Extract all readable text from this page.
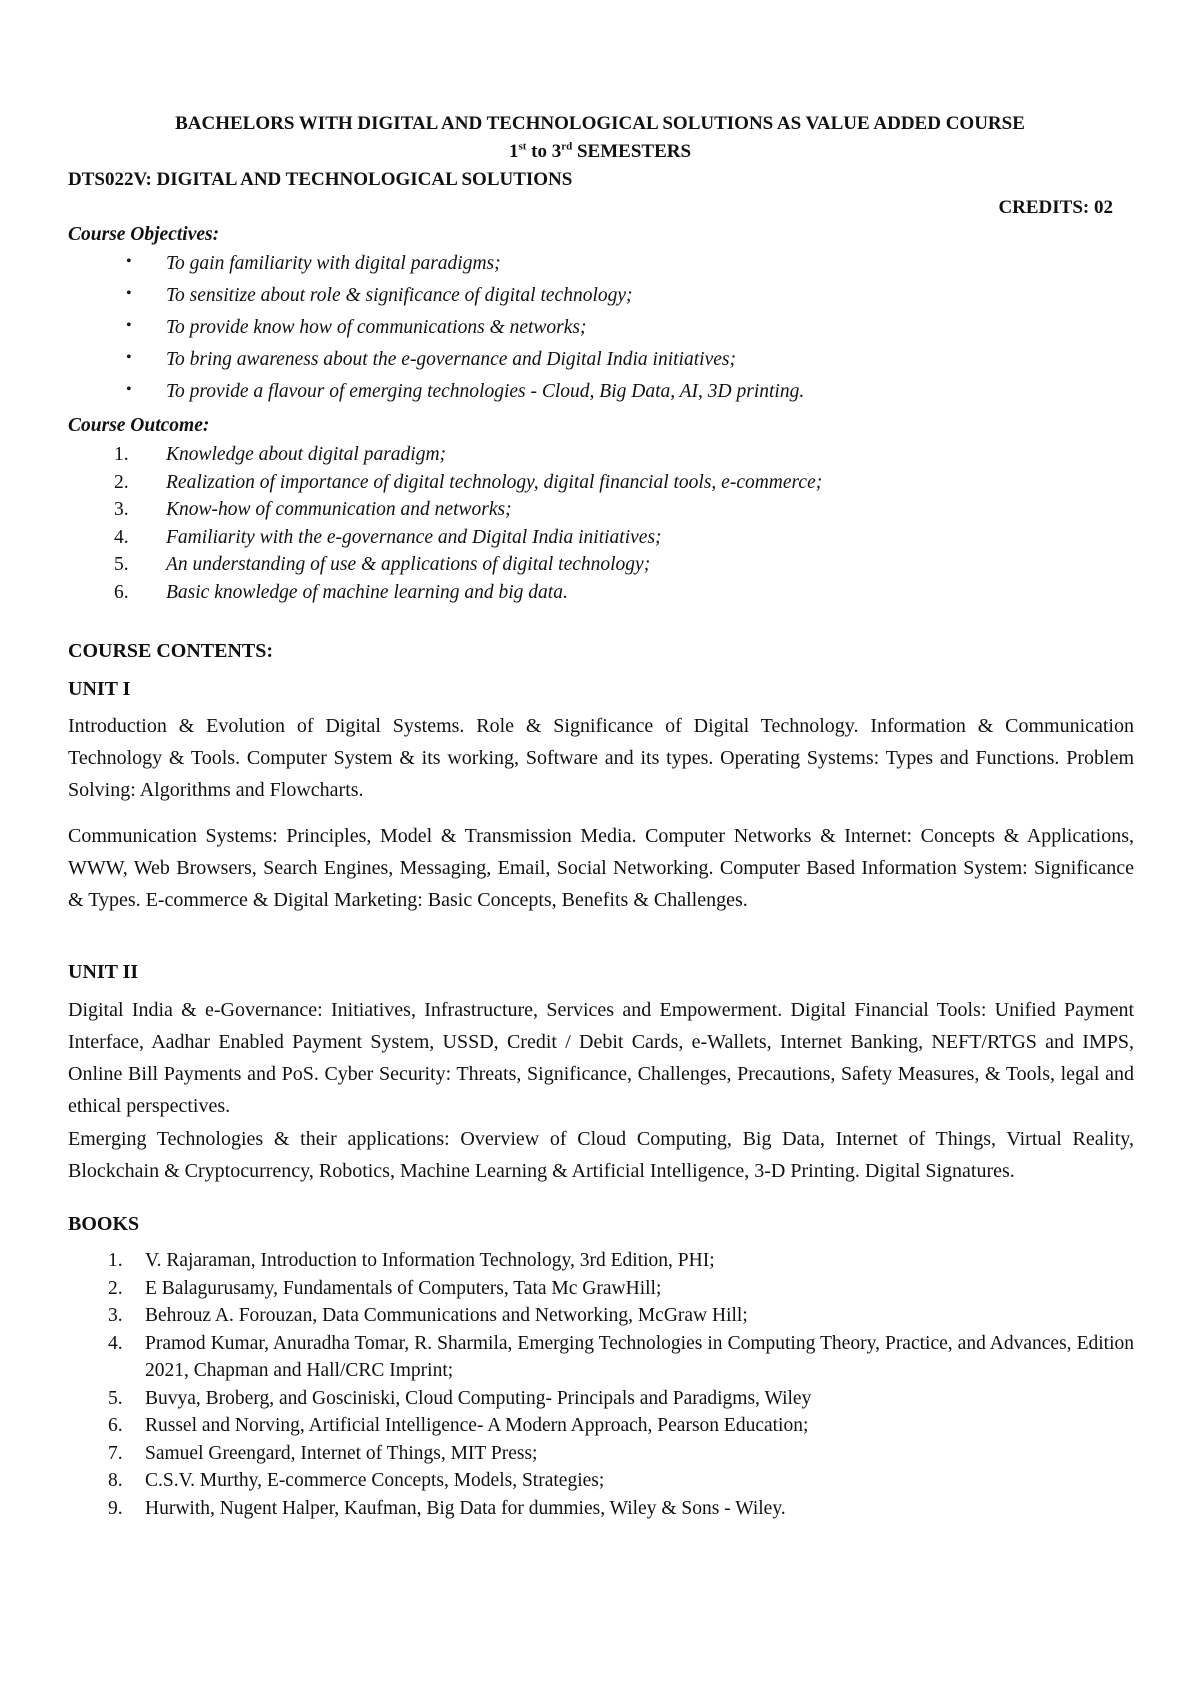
BACHELORS WITH DIGITAL AND TECHNOLOGICAL SOLUTIONS AS VALUE ADDED COURSE
1st to 3rd SEMESTERS
DTS022V: DIGITAL AND TECHNOLOGICAL SOLUTIONS
CREDITS: 02
Course Objectives:
• To gain familiarity with digital paradigms;
• To sensitize about role & significance of digital technology;
• To provide know how of communications & networks;
• To bring awareness about the e-governance and Digital India initiatives;
• To provide a flavour of emerging technologies - Cloud, Big Data, AI, 3D printing.
Course Outcome:
1. Knowledge about digital paradigm;
2. Realization of importance of digital technology, digital financial tools, e-commerce;
3. Know-how of communication and networks;
4. Familiarity with the e-governance and Digital India initiatives;
5. An understanding of use & applications of digital technology;
6. Basic knowledge of machine learning and big data.
COURSE CONTENTS:
UNIT I

Introduction & Evolution of Digital Systems. Role & Significance of Digital Technology. Information & Communication Technology & Tools. Computer System & its working, Software and its types. Operating Systems: Types and Functions. Problem Solving: Algorithms and Flowcharts.

Communication Systems: Principles, Model & Transmission Media. Computer Networks & Internet: Concepts & Applications, WWW, Web Browsers, Search Engines, Messaging, Email, Social Networking. Computer Based Information System: Significance & Types. E-commerce & Digital Marketing: Basic Concepts, Benefits & Challenges.

UNIT II

Digital India & e-Governance: Initiatives, Infrastructure, Services and Empowerment. Digital Financial Tools: Unified Payment Interface, Aadhar Enabled Payment System, USSD, Credit / Debit Cards, e-Wallets, Internet Banking, NEFT/RTGS and IMPS, Online Bill Payments and PoS. Cyber Security: Threats, Significance, Challenges, Precautions, Safety Measures, & Tools, legal and ethical perspectives.

Emerging Technologies & their applications: Overview of Cloud Computing, Big Data, Internet of Things, Virtual Reality, Blockchain & Cryptocurrency, Robotics, Machine Learning & Artificial Intelligence, 3-D Printing. Digital Signatures.

BOOKS
1. V. Rajaraman, Introduction to Information Technology, 3rd Edition, PHI;
2. E Balagurusamy, Fundamentals of Computers, Tata Mc GrawHill;
3. Behrouz A. Forouzan, Data Communications and Networking, McGraw Hill;
4. Pramod Kumar, Anuradha Tomar, R. Sharmila, Emerging Technologies in Computing Theory, Practice, and Advances, Edition 2021, Chapman and Hall/CRC Imprint;
5. Buvya, Broberg, and Gosciniski, Cloud Computing- Principals and Paradigms, Wiley
6. Russel and Norving, Artificial Intelligence- A Modern Approach, Pearson Education;
7. Samuel Greengard, Internet of Things, MIT Press;
8. C.S.V. Murthy, E-commerce Concepts, Models, Strategies;
9. Hurwith, Nugent Halper, Kaufman, Big Data for dummies, Wiley & Sons - Wiley.
